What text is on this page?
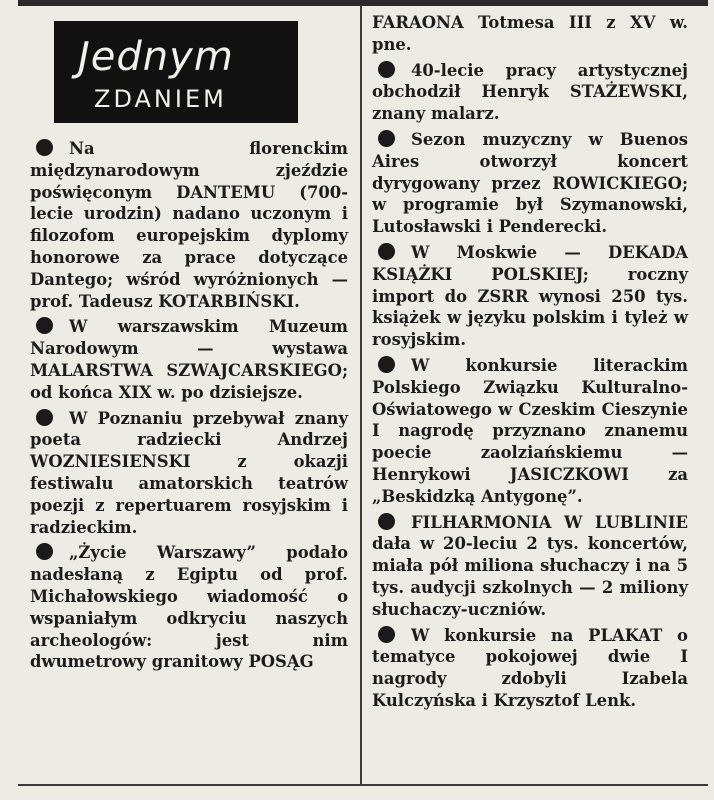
Jednym
ZDANIEM

Na florenckim międzynarodowym zjeździe poświęconym DANTEMU (700-lecie urodzin) nadano uczonym i filozofom europejskim dyplomy honorowe za prace dotyczące Dantego; wśród wyróżnionych — prof. Tadeusz KOTARBIŃSKI.

W warszawskim Muzeum Narodowym — wystawa MALARSTWA SZWAJCARSKIEGO; od końca XIX w. po dzisiejsze.

W Poznaniu przebywał znany poeta radziecki Andrzej WOZNIESIENSKI z okazji festiwalu amatorskich teatrów poezji z repertuarem rosyjskim i radzieckim.

„Życie Warszawy” podało nadesłaną z Egiptu od prof. Michałowskiego wiadomość o wspaniałym odkryciu naszych archeologów: jest nim dwumetrowy granitowy POSĄG

FARAONA Totmesa III z XV w. pne.

40-lecie pracy artystycznej obchodził Henryk STAŻEWSKI, znany malarz.

Sezon muzyczny w Buenos Aires otworzył koncert dyrygowany przez ROWICKIEGO; w programie był Szymanowski, Lutosławski i Penderecki.

W Moskwie — DEKADA KSIĄŻKI POLSKIEJ; roczny import do ZSRR wynosi 250 tys. książek w języku polskim i tyleż w rosyjskim.

W konkursie literackim Polskiego Związku Kulturalno-Oświatowego w Czeskim Cieszynie I nagrodę przyznano znanemu poecie zaolziańskiemu — Henrykowi JASICZKOWI za „Beskidzką Antygonę”.

FILHARMONIA W LUBLINIE dała w 20-leciu 2 tys. koncertów, miała pół miliona słuchaczy i na 5 tys. audycji szkolnych — 2 miliony słuchaczy-uczniów.

W konkursie na PLAKAT o tematyce pokojowej dwie I nagrody zdobyli Izabela Kulczyńska i Krzysztof Lenk.
